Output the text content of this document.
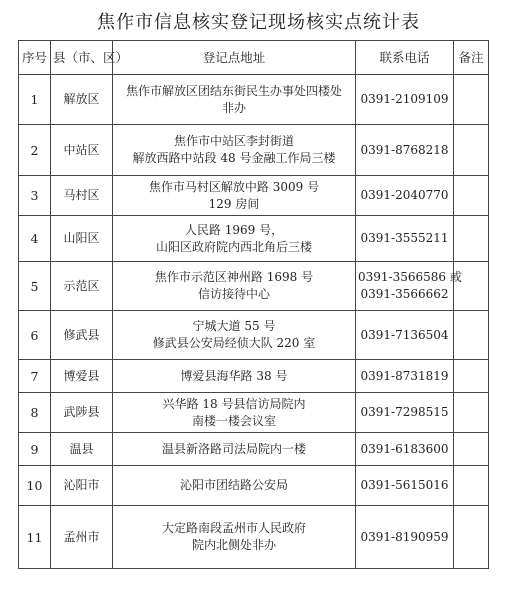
焦作市信息核实登记现场核实点统计表
序号	县（市、区）	登记点地址	联系电话	备注
1	解放区	焦作市解放区团结东街民生办事处四楼处
非办	0391-2109109	

2	中站区	焦作市中站区李封街道
解放西路中站段 48 号金融工作局三楼	0391-8768218	

3	马村区	焦作市马村区解放中路 3009 号
129 房间	0391-2040770	

4	山阳区	人民路 1969 号，
山阳区政府院内西北角后三楼	0391-3555211	

5	示范区	焦作市示范区神州路 1698 号
信访接待中心	0391-3566586 或
0391-3566662	

6	修武县	宁城大道 55 号
修武县公安局经侦大队 220 室	0391-7136504	

7	博爱县	博爱县海华路 38 号	0391-8731819	

8	武陟县	兴华路 18 号县信访局院内
南楼一楼会议室	0391-7298515	

9	温县	温县新洛路司法局院内一楼	0391-6183600	

10	沁阳市	沁阳市团结路公安局	0391-5615016	

11	孟州市	大定路南段孟州市人民政府
院内北侧处非办	0391-8190959	
